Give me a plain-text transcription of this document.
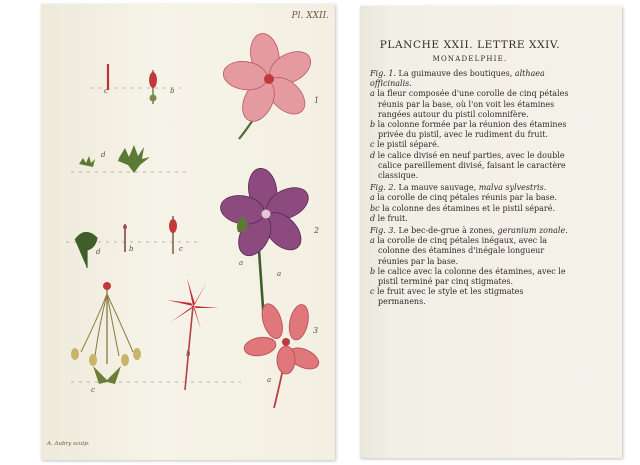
Pl. XXII.
A. Aubry sculp.
1
2
3
c	b
d
a
d	b	c
a
b
a
c
PLANCHE XXII. LETTRE XXIV.
MONADELPHIE.
Fig. 1. La guimauve des boutiques, althaea officinalis.
a la fleur composée d'une corolle de cinq pétales réunis par la base, où l'on voit les étamines rangées autour du pistil colomnifère.
b la colonne formée par la réunion des étamines privée du pistil, avec le rudiment du fruit.
c le pistil séparé.
d le calice divisé en neuf parties, avec le double calice pareillement divisé, faisant le caractère classique.
Fig. 2. La mauve sauvage, malva sylvestris.
a la corolle de cinq pétales réunis par la base.
bc la colonne des étamines et le pistil séparé.
d le fruit.
Fig. 3. Le bec-de-grue à zones, geranium zonale.
a la corolle de cinq pétales inégaux, avec la colonne des étamines d'inégale longueur réunies par la base.
b le calice avec la colonne des étamines, avec le pistil terminé par cinq stigmates.
c le fruit avec le style et les stigmates permanens.
